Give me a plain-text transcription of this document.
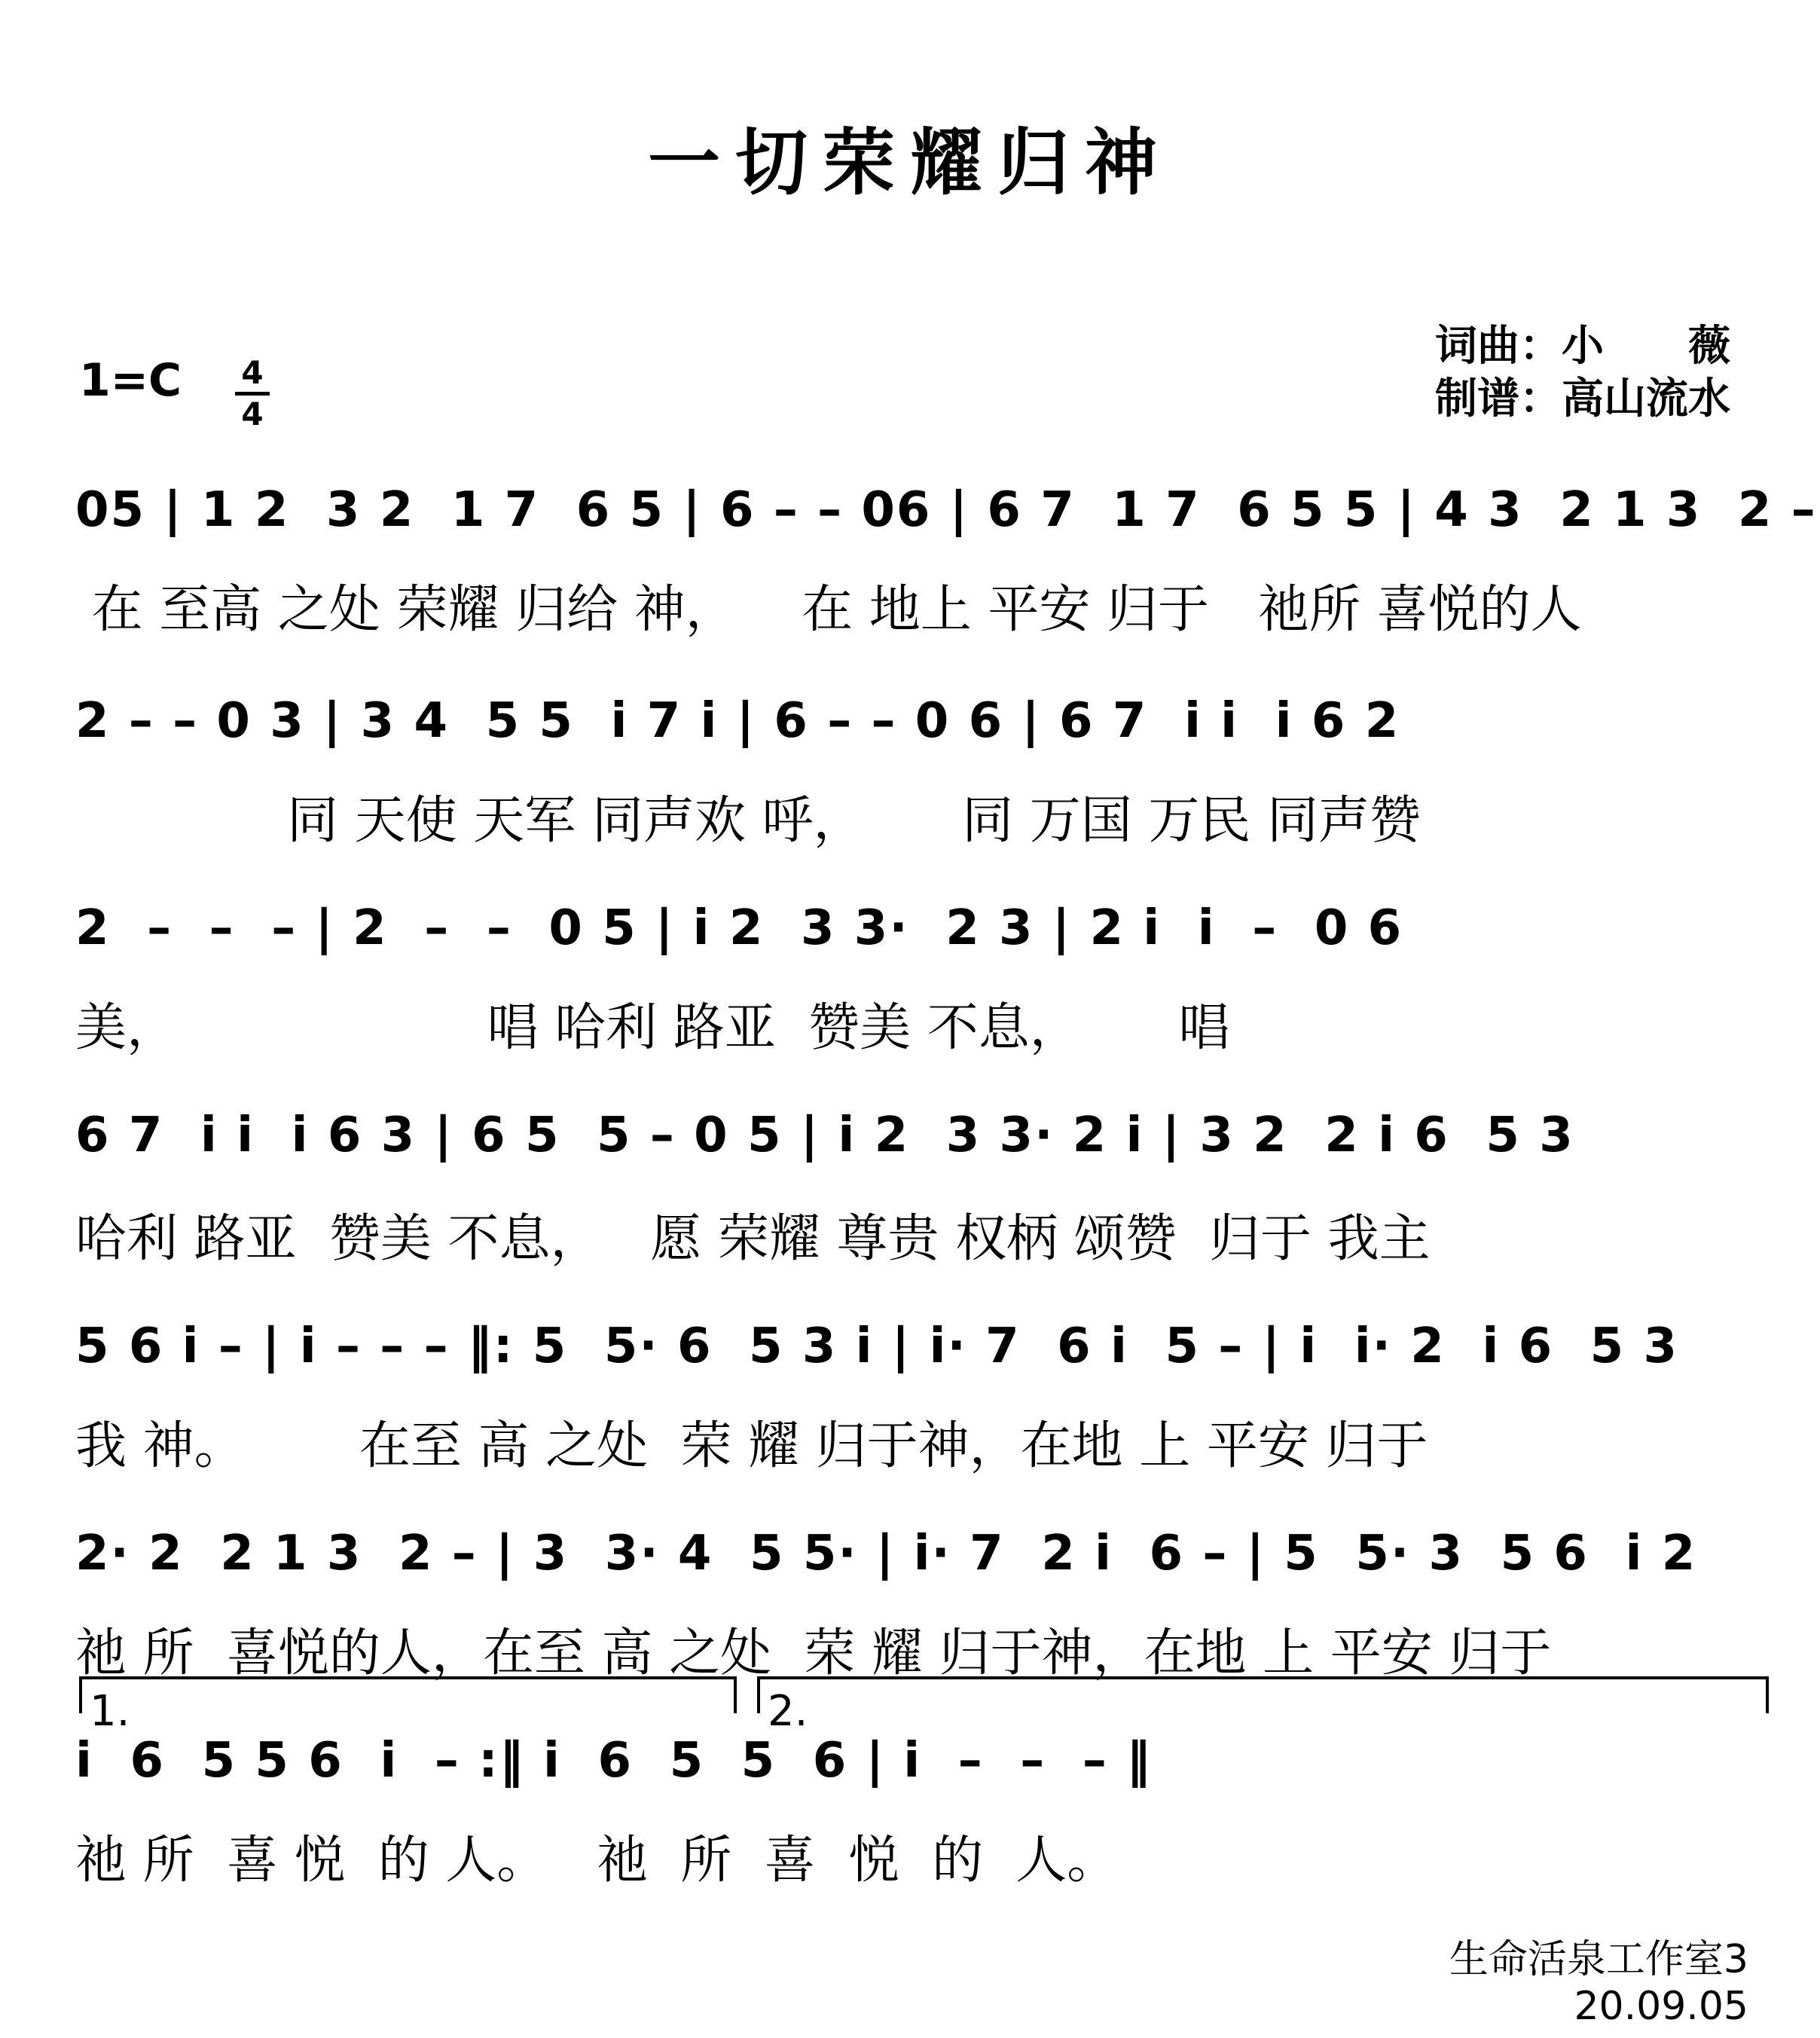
一切荣耀归神
词曲：小　　薇
制谱：高山流水
1=C	4
4
05 | 1 2  3 2  1 7  6 5 | 6 – – 06 | 6 7  1 7  6 5 5 | 4 3  2 1 3  2 –
在 至高 之处 荣耀 归给 神，    在 地上 平安 归于   祂所 喜悦的人
2 – – 0 3 | 3 4  5 5  i 7 i | 6 – – 0 6 | 6 7  i i  i 6 2
同 天使 天军 同声欢 呼，      同 万国 万民 同声赞
2  –  –  – | 2  –  –  0 5 | i 2  3 3·  2 3 | 2 i  i  –  0 6
美，                   唱 哈利 路亚  赞美 不息，      唱
6 7  i i  i 6 3 | 6 5  5 – 0 5 | i 2  3 3· 2 i | 3 2  2 i 6  5 3
哈利 路亚  赞美 不息，   愿 荣耀 尊贵 权柄 颂赞  归于 我主
5 6 i – | i – – – ‖: 5  5· 6  5 3 i | i· 7  6 i  5 – | i  i· 2  i 6  5 3
我 神。       在至 高 之处  荣 耀 归于神，在地 上 平安 归于
2· 2  2 1 3  2 – | 3  3· 4  5 5· | i· 7  2 i  6 – | 5  5· 3  5 6  i 2
祂 所  喜悦的人，在至 高 之处  荣 耀 归于神，在地 上 平安 归于
1.	2.
i  6  5 5 6  i  – :‖ i  6  5  5  6 | i  –  –  – ‖
祂 所  喜 悦  的 人。   祂  所  喜  悦  的  人。
生命活泉工作室3
20.09.05
